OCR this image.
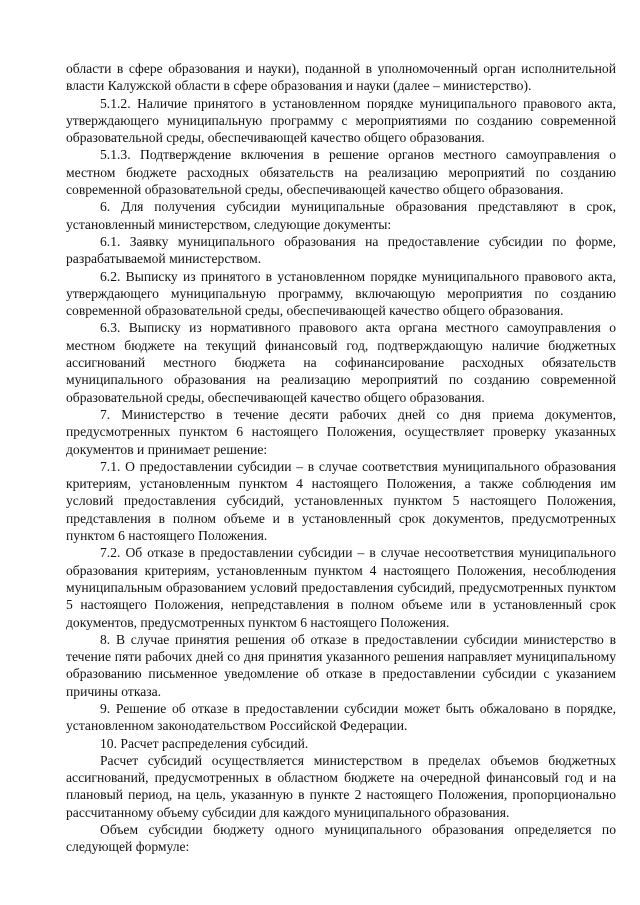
области в сфере образования и науки), поданной в уполномоченный орган исполнительной власти Калужской области в сфере образования и науки (далее – министерство).

5.1.2. Наличие принятого в установленном порядке муниципального правового акта, утверждающего муниципальную программу с мероприятиями по созданию современной образовательной среды, обеспечивающей качество общего образования.

5.1.3. Подтверждение включения в решение органов местного самоуправления о местном бюджете расходных обязательств на реализацию мероприятий по созданию современной образовательной среды, обеспечивающей качество общего образования.

6. Для получения субсидии муниципальные образования представляют в срок, установленный министерством, следующие документы:

6.1. Заявку муниципального образования на предоставление субсидии по форме, разрабатываемой министерством.

6.2. Выписку из принятого в установленном порядке муниципального правового акта, утверждающего муниципальную программу, включающую мероприятия по созданию современной образовательной среды, обеспечивающей качество общего образования.

6.3. Выписку из нормативного правового акта органа местного самоуправления о местном бюджете на текущий финансовый год, подтверждающую наличие бюджетных ассигнований местного бюджета на софинансирование расходных обязательств муниципального образования на реализацию мероприятий по созданию современной образовательной среды, обеспечивающей качество общего образования.

7. Министерство в течение десяти рабочих дней со дня приема документов, предусмотренных пунктом 6 настоящего Положения, осуществляет проверку указанных документов и принимает решение:

7.1. О предоставлении субсидии – в случае соответствия муниципального образования критериям, установленным пунктом 4 настоящего Положения, а также соблюдения им условий предоставления субсидий, установленных пунктом 5 настоящего Положения, представления в полном объеме и в установленный срок документов, предусмотренных пунктом 6 настоящего Положения.

7.2. Об отказе в предоставлении субсидии – в случае несоответствия муниципального образования критериям, установленным пунктом 4 настоящего Положения, несоблюдения муниципальным образованием условий предоставления субсидий, предусмотренных пунктом 5 настоящего Положения, непредставления в полном объеме или в установленный срок документов, предусмотренных пунктом 6 настоящего Положения.

8. В случае принятия решения об отказе в предоставлении субсидии министерство в течение пяти рабочих дней со дня принятия указанного решения направляет муниципальному образованию письменное уведомление об отказе в предоставлении субсидии с указанием причины отказа.

9. Решение об отказе в предоставлении субсидии может быть обжаловано в порядке, установленном законодательством Российской Федерации.

10. Расчет распределения субсидий.

Расчет субсидий осуществляется министерством в пределах объемов бюджетных ассигнований, предусмотренных в областном бюджете на очередной финансовый год и на плановый период, на цель, указанную в пункте 2 настоящего Положения, пропорционально рассчитанному объему субсидии для каждого муниципального образования.

Объем субсидии бюджету одного муниципального образования определяется по следующей формуле:
